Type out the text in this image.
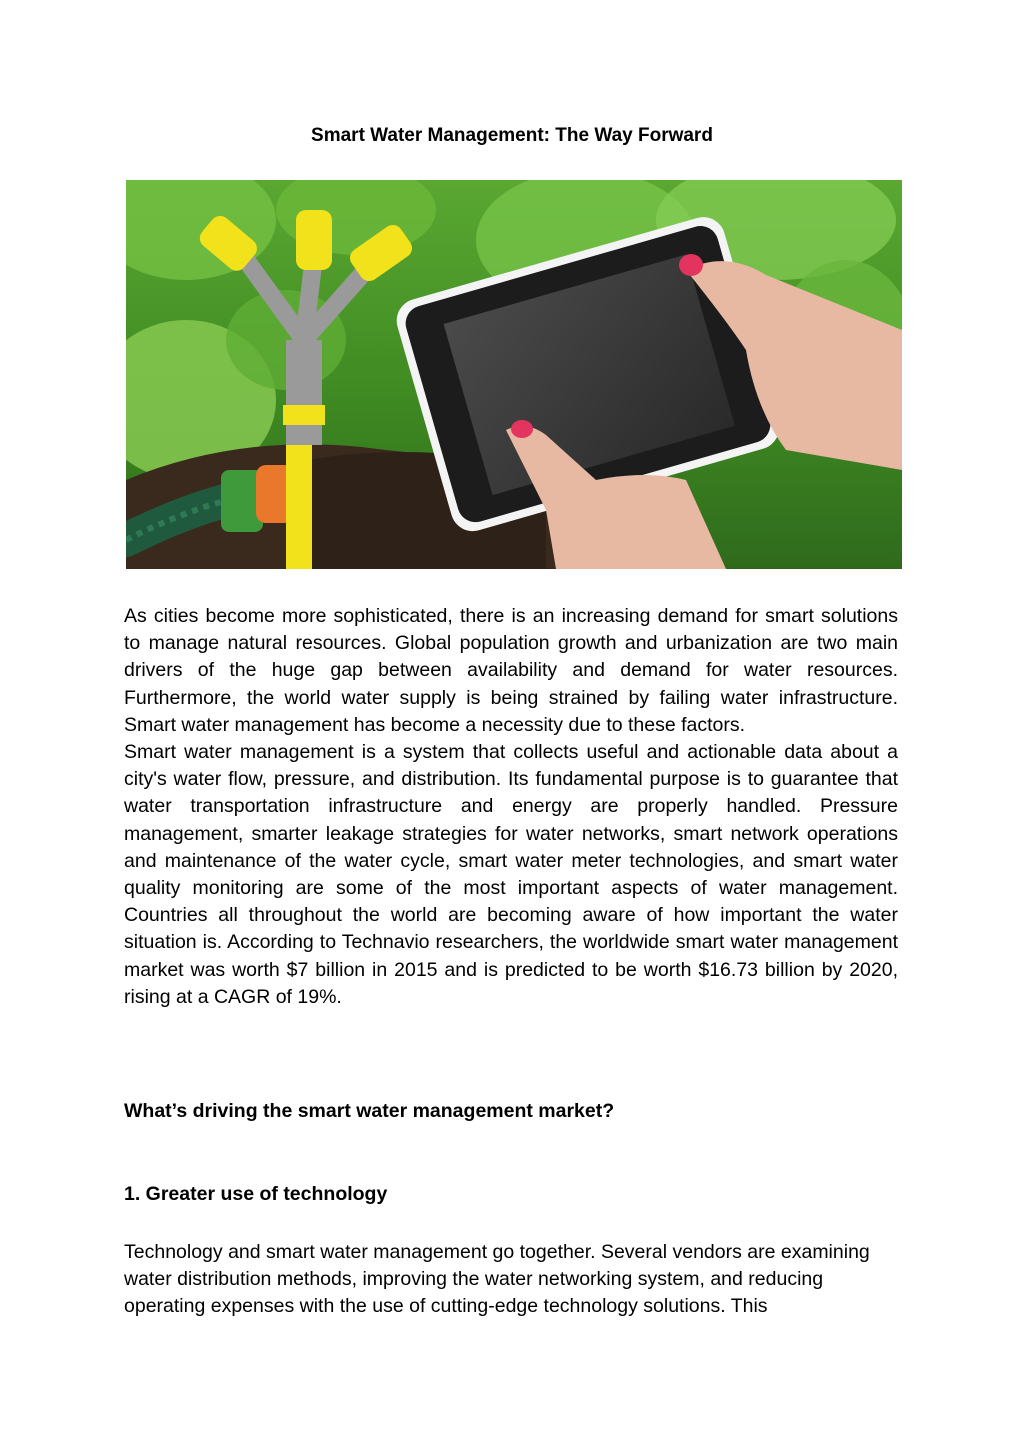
Smart Water Management: The Way Forward

As cities become more sophisticated, there is an increasing demand for smart solutions to manage natural resources. Global population growth and urbanization are two main drivers of the huge gap between availability and demand for water resources. Furthermore, the world water supply is being strained by failing water infrastructure. Smart water management has become a necessity due to these factors.

Smart water management is a system that collects useful and actionable data about a city's water flow, pressure, and distribution. Its fundamental purpose is to guarantee that water transportation infrastructure and energy are properly handled. Pressure management, smarter leakage strategies for water networks, smart network operations and maintenance of the water cycle, smart water meter technologies, and smart water quality monitoring are some of the most important aspects of water management. Countries all throughout the world are becoming aware of how important the water situation is. According to Technavio researchers, the worldwide smart water management market was worth $7 billion in 2015 and is predicted to be worth $16.73 billion by 2020, rising at a CAGR of 19%.

What’s driving the smart water management market?
1. Greater use of technology
Technology and smart water management go together. Several vendors are examining water distribution methods, improving the water networking system, and reducing operating expenses with the use of cutting-edge technology solutions. This
